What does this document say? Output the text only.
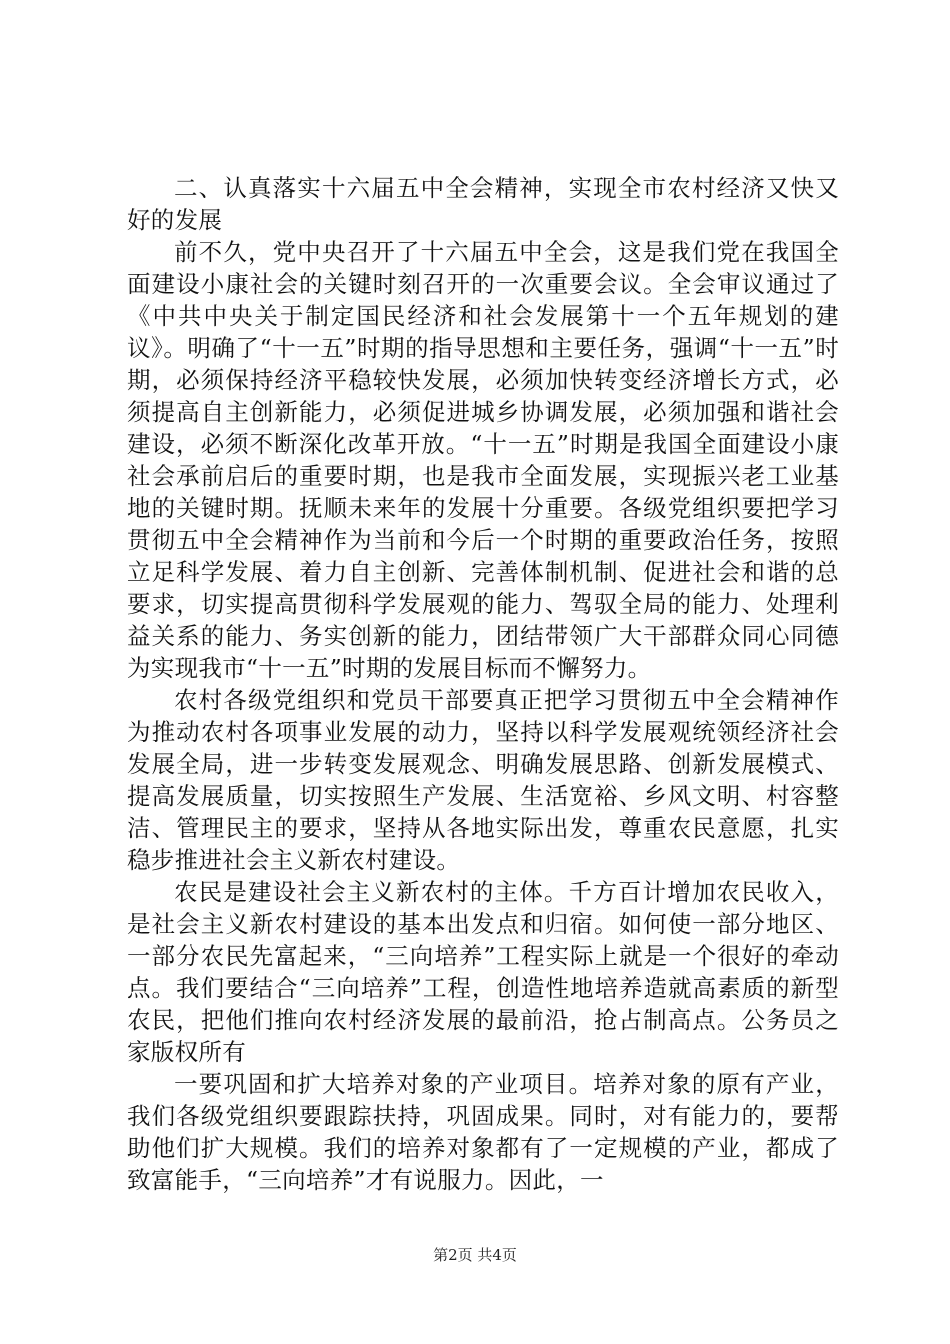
二、认真落实十六届五中全会精神，实现全市农村经济又快又好的发展

前不久，党中央召开了十六届五中全会，这是我们党在我国全面建设小康社会的关键时刻召开的一次重要会议。全会审议通过了《中共中央关于制定国民经济和社会发展第十一个五年规划的建议》。明确了“十一五”时期的指导思想和主要任务，强调“十一五”时期，必须保持经济平稳较快发展，必须加快转变经济增长方式，必须提高自主创新能力，必须促进城乡协调发展，必须加强和谐社会建设，必须不断深化改革开放。“十一五”时期是我国全面建设小康社会承前启后的重要时期，也是我市全面发展，实现振兴老工业基地的关键时期。抚顺未来年的发展十分重要。各级党组织要把学习贯彻五中全会精神作为当前和今后一个时期的重要政治任务，按照立足科学发展、着力自主创新、完善体制机制、促进社会和谐的总要求，切实提高贯彻科学发展观的能力、驾驭全局的能力、处理利益关系的能力、务实创新的能力，团结带领广大干部群众同心同德为实现我市“十一五”时期的发展目标而不懈努力。

农村各级党组织和党员干部要真正把学习贯彻五中全会精神作为推动农村各项事业发展的动力，坚持以科学发展观统领经济社会发展全局，进一步转变发展观念、明确发展思路、创新发展模式、提高发展质量，切实按照生产发展、生活宽裕、乡风文明、村容整洁、管理民主的要求，坚持从各地实际出发，尊重农民意愿，扎实稳步推进社会主义新农村建设。

农民是建设社会主义新农村的主体。千方百计增加农民收入，是社会主义新农村建设的基本出发点和归宿。如何使一部分地区、一部分农民先富起来，“三向培养”工程实际上就是一个很好的牵动点。我们要结合“三向培养”工程，创造性地培养造就高素质的新型农民，把他们推向农村经济发展的最前沿，抢占制高点。公务员之家版权所有

一要巩固和扩大培养对象的产业项目。培养对象的原有产业，我们各级党组织要跟踪扶持，巩固成果。同时，对有能力的，要帮助他们扩大规模。我们的培养对象都有了一定规模的产业，都成了致富能手，“三向培养”才有说服力。因此，一

第2页 共4页
